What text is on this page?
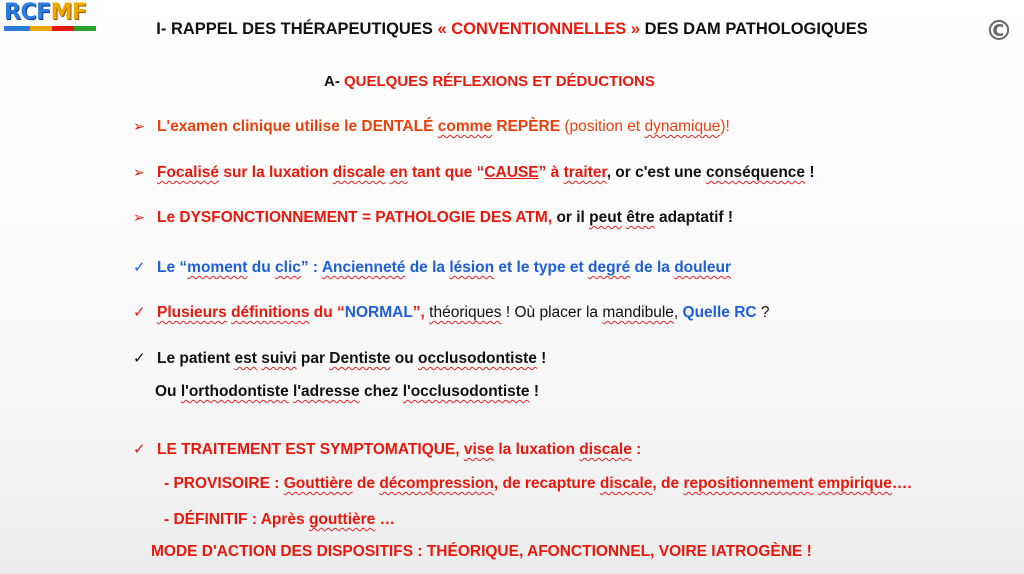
RCFMF
©
I- RAPPEL DES THÉRAPEUTIQUES « CONVENTIONNELLES » DES DAM PATHOLOGIQUES
A- QUELQUES RÉFLEXIONS ET DÉDUCTIONS
➢ L'examen clinique utilise le DENTALÉ comme REPÈRE (position et dynamique)!
➢ Focalisé sur la luxation discale en tant que “CAUSE” à traiter, or c'est une conséquence !
➢ Le DYSFONCTIONNEMENT = PATHOLOGIE DES ATM, or il peut être adaptatif !
✓ Le “moment du clic” : Ancienneté de la lésion et le type et degré de la douleur
✓ Plusieurs définitions du “NORMAL”, théoriques ! Où placer la mandibule, Quelle RC ?
✓ Le patient est suivi par Dentiste ou occlusodontiste !
Ou l'orthodontiste l'adresse chez l'occlusodontiste !
✓ LE TRAITEMENT EST SYMPTOMATIQUE, vise la luxation discale :
- PROVISOIRE : Gouttière de décompression, de recapture discale, de repositionnement empirique….
- DÉFINITIF : Après gouttière …
MODE D'ACTION DES DISPOSITIFS : THÉORIQUE, AFONCTIONNEL, VOIRE IATROGÈNE !
